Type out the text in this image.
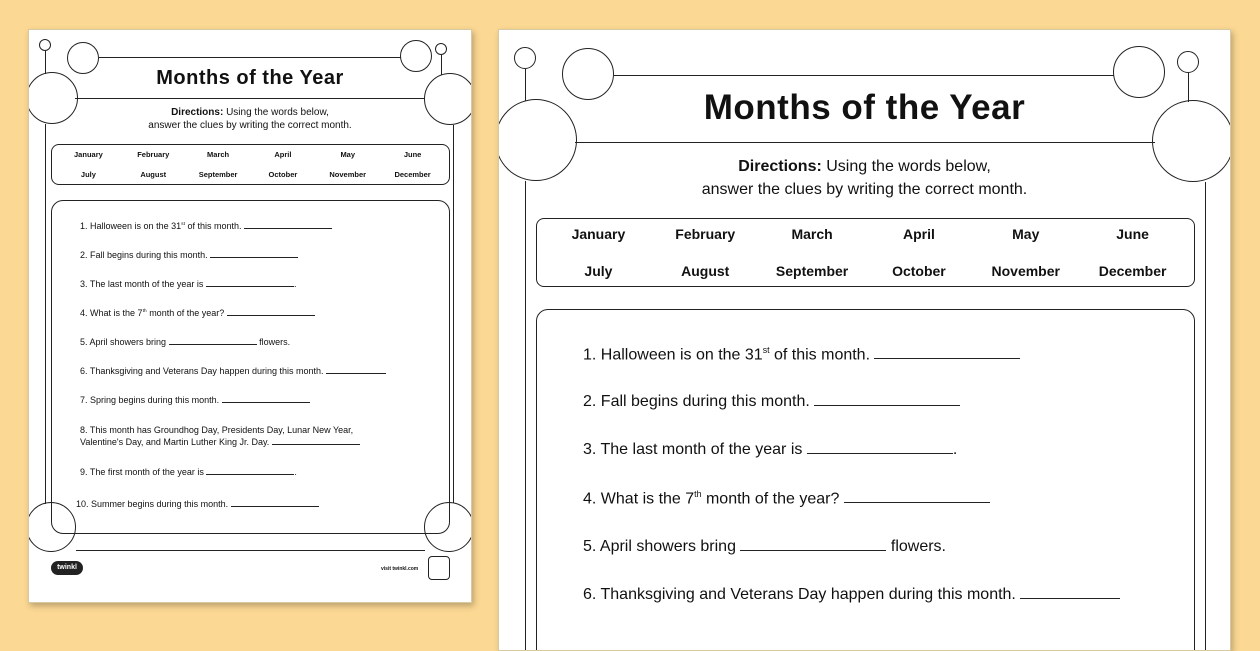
Months of the Year
Directions: Using the words below,
answer the clues by writing the correct month.
January	February	March	April	May	June
July	August	September	October	November	December
1. Halloween is on the 31st of this month.
2. Fall begins during this month.
3. The last month of the year is	.
4. What is the 7th month of the year?
5. April showers bring	flowers.
6. Thanksgiving and Veterans Day happen during this month.
7. Spring begins during this month.
8. This month has Groundhog Day, Presidents Day, Lunar New Year,
Valentine's Day, and Martin Luther King Jr. Day.
9. The first month of the year is	.
10. Summer begins during this month.
twinkl	visit twinkl.com
Months of the Year
Directions: Using the words below,
answer the clues by writing the correct month.
January	February	March	April	May	June
July	August	September	October	November	December
1. Halloween is on the 31st of this month.
2. Fall begins during this month.
3. The last month of the year is	.
4. What is the 7th month of the year?
5. April showers bring	flowers.
6. Thanksgiving and Veterans Day happen during this month.
